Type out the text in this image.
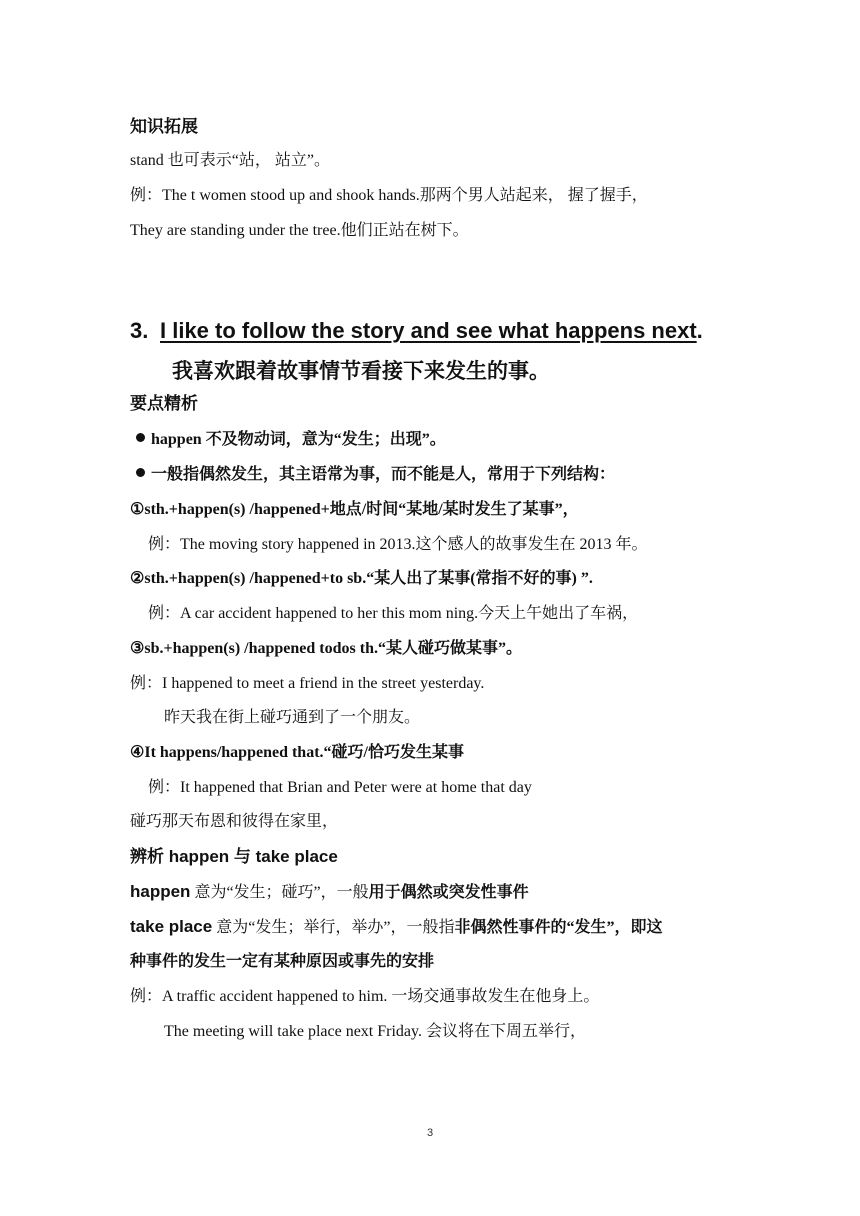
知识拓展
stand 也可表示“站， 站立”。
例：The t women stood up and shook hands.那两个男人站起来， 握了握手，
They are standing under the tree.他们正站在树下。
3. I like to follow the story and see what happens next.
我喜欢跟着故事情节看接下来发生的事。
要点精析
happen 不及物动词，意为“发生；出现”。
一般指偶然发生，其主语常为事，而不能是人，常用于下列结构：
①sth.+happen(s) /happened+地点/时间“某地/某时发生了某事”，
例：The moving story happened in 2013.这个感人的故事发生在 2013 年。
②sth.+happen(s) /happened+to sb.“某人出了某事(常指不好的事) ”.
例：A car accident happened to her this mom ning.今天上午她出了车祸，
③sb.+happen(s) /happened todos th.“某人碰巧做某事”。
例：I happened to meet a friend in the street yesterday.
昨天我在街上碰巧通到了一个朋友。
④It happens/happened that.“碰巧/恰巧发生某事
例：It happened that Brian and Peter were at home that day
碰巧那天布恩和彼得在家里，
辨析 happen 与 take place
happen 意为“发生；碰巧”，一般用于偶然或突发性事件
take place 意为“发生；举行，举办”，一般指非偶然性事件的“发生”，即这
种事件的发生一定有某种原因或事先的安排
例：A traffic accident happened to him. 一场交通事故发生在他身上。
The meeting will take place next Friday. 会议将在下周五举行，
3
